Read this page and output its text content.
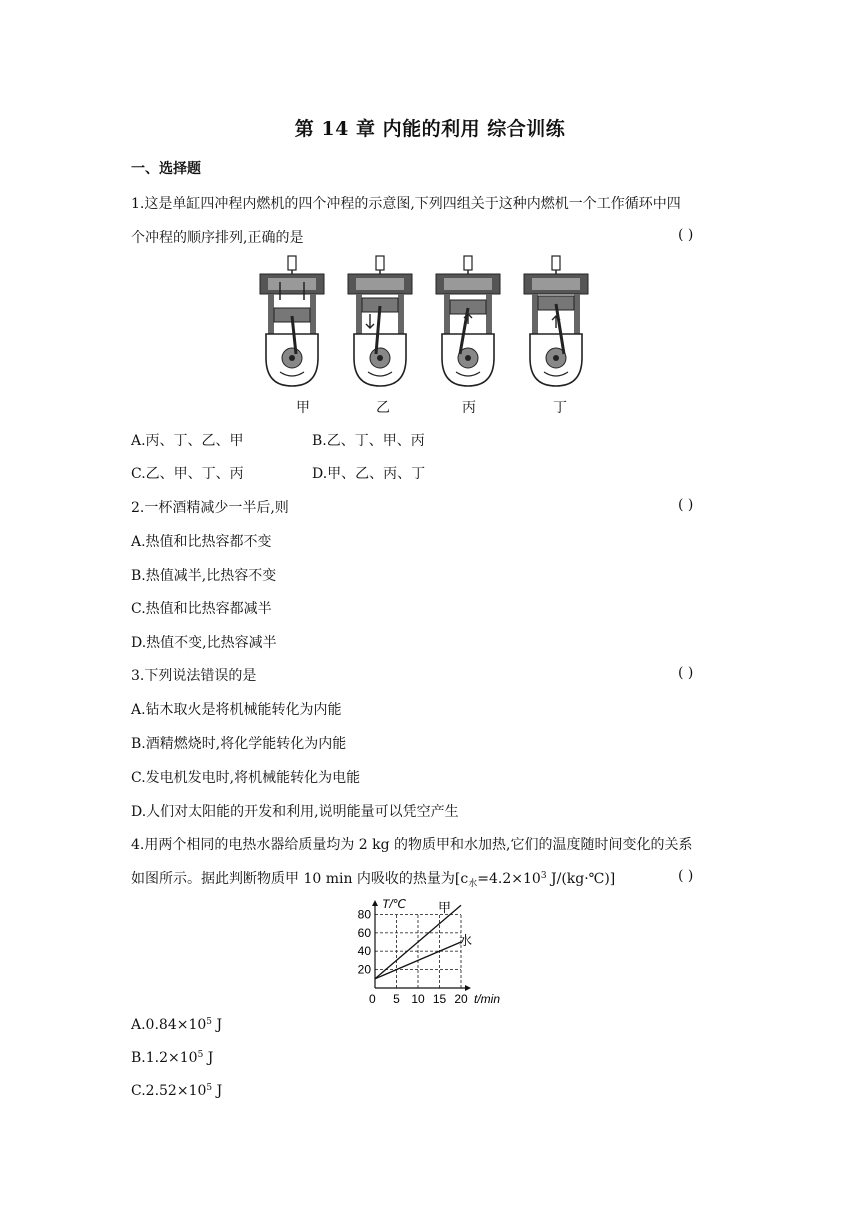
第 14 章 内能的利用 综合训练
一、选择题
1.这是单缸四冲程内燃机的四个冲程的示意图,下列四组关于这种内燃机一个工作循环中四
个冲程的顺序排列,正确的是	( )
甲	乙	丙	丁
A.丙、丁、乙、甲	B.乙、丁、甲、丙
C.乙、甲、丁、丙	D.甲、乙、丙、丁
2.一杯酒精减少一半后,则	( )
A.热值和比热容都不变
B.热值减半,比热容不变
C.热值和比热容都减半
D.热值不变,比热容减半
3.下列说法错误的是	( )
A.钻木取火是将机械能转化为内能
B.酒精燃烧时,将化学能转化为内能
C.发电机发电时,将机械能转化为电能
D.人们对太阳能的开发和利用,说明能量可以凭空产生
4.用两个相同的电热水器给质量均为 2 kg 的物质甲和水加热,它们的温度随时间变化的关系
如图所示。据此判断物质甲 10 min 内吸收的热量为[$c_水=4.2\times 10^3$ J/(kg·℃)]	( )
5 10 15 20
20
40
60
80
T/℃
t/min
0
甲
水
$A.0.84\times 10^5$ J
$B.1.2\times 10^5$ J
$C.2.52\times 10^5$ J
